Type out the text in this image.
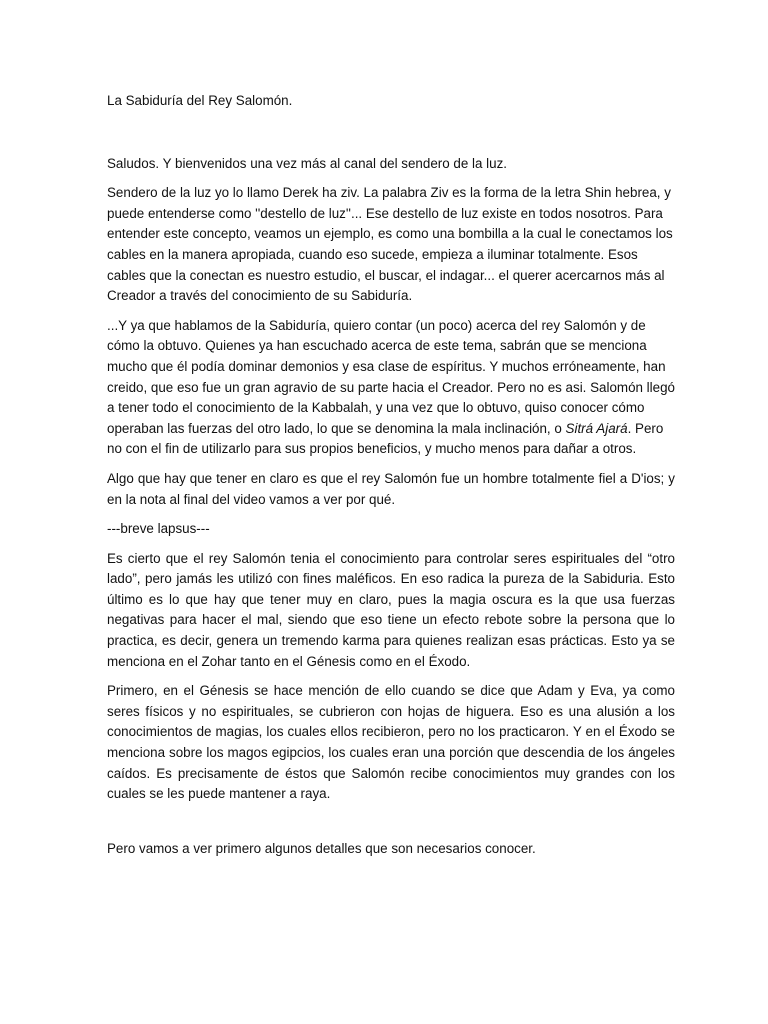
La Sabiduría del Rey Salomón.

Saludos. Y bienvenidos una vez más al canal del sendero de la luz.

Sendero de la luz yo lo llamo Derek ha ziv. La palabra Ziv es la forma de la letra Shin hebrea, y puede entenderse como ''destello de luz''... Ese destello de luz existe en todos nosotros. Para entender este concepto, veamos un ejemplo, es como una bombilla a la cual le conectamos los cables en la manera apropiada, cuando eso sucede, empieza a iluminar totalmente. Esos cables que la conectan es nuestro estudio, el buscar, el indagar... el querer acercarnos más al Creador a través del conocimiento de su Sabiduría.

...Y ya que hablamos de la Sabiduría, quiero contar (un poco) acerca del rey Salomón y de cómo la obtuvo. Quienes ya han escuchado acerca de este tema, sabrán que se menciona mucho que él podía dominar demonios y esa clase de espíritus. Y muchos erróneamente, han creido, que eso fue un gran agravio de su parte hacia el Creador. Pero no es asi. Salomón llegó a tener todo el conocimiento de la Kabbalah, y una vez que lo obtuvo, quiso conocer cómo operaban las fuerzas del otro lado, lo que se denomina la mala inclinación, o Sitrá Ajará. Pero no con el fin de utilizarlo para sus propios beneficios, y mucho menos para dañar a otros.

Algo que hay que tener en claro es que el rey Salomón fue un hombre totalmente fiel a D'ios; y en la nota al final del video vamos a ver por qué.

---breve lapsus---

Es cierto que el rey Salomón tenia el conocimiento para controlar seres espirituales del “otro lado”, pero jamás les utilizó con fines maléficos. En eso radica la pureza de la Sabiduria. Esto último es lo que hay que tener muy en claro, pues la magia oscura es la que usa fuerzas negativas para hacer el mal, siendo que eso tiene un efecto rebote sobre la persona que lo practica, es decir, genera un tremendo karma para quienes realizan esas prácticas. Esto ya se menciona en el Zohar tanto en el Génesis como en el Éxodo.

Primero, en el Génesis se hace mención de ello cuando se dice que Adam y Eva, ya como seres físicos y no espirituales, se cubrieron con hojas de higuera. Eso es una alusión a los conocimientos de magias, los cuales ellos recibieron, pero no los practicaron. Y en el Éxodo se menciona sobre los magos egipcios, los cuales eran una porción que descendia de los ángeles caídos. Es precisamente de éstos que Salomón recibe conocimientos muy grandes con los cuales se les puede mantener a raya.

Pero vamos a ver primero algunos detalles que son necesarios conocer.
